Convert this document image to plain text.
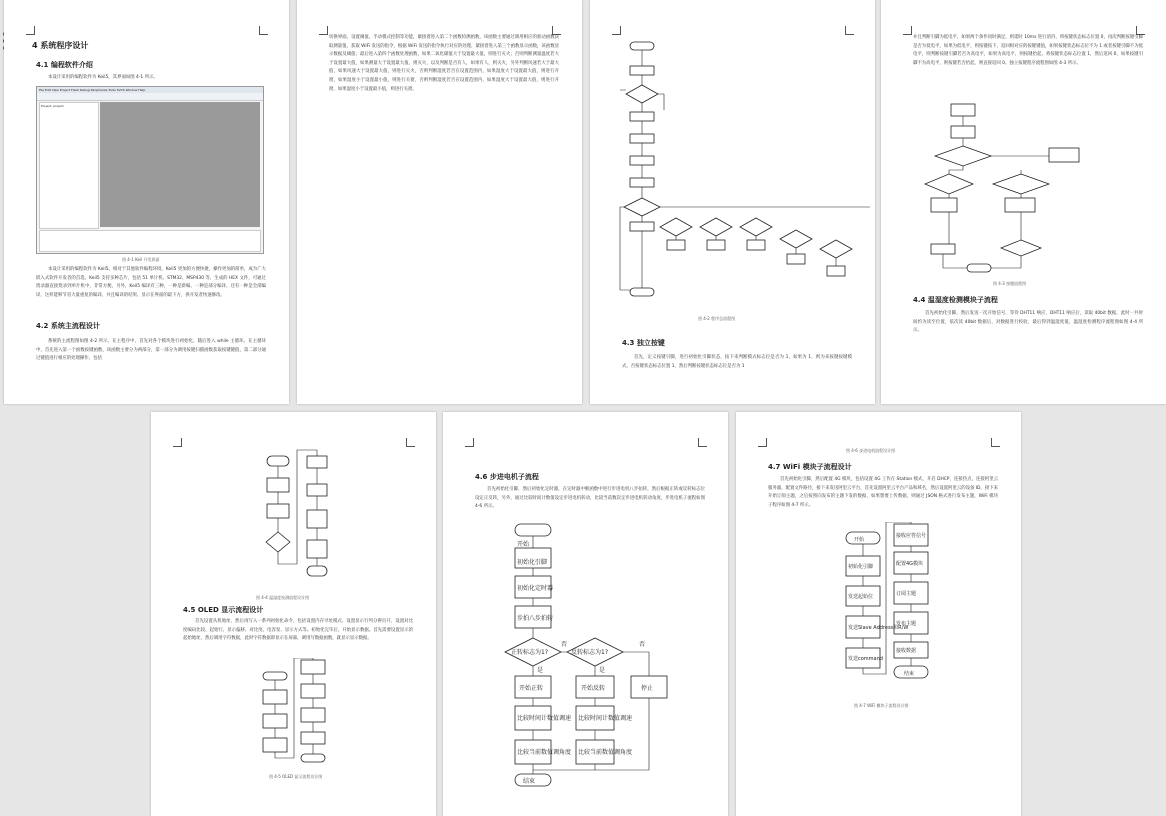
4 系统程序设计
4.1 编程软件介绍
本设计采用的编程软件为 Keil5，其界面如图 4-1 所示。
File Edit View Project Flash Debug Peripherals Tools SVCS Window Help
Project: project
图 4-1 Keil 开发界面
本设计采用的编程软件为 Keil5。相对于其他软件编程环境，Keil5 更加的方便快捷，操作更加的简单，成为广大嵌入式软件开发者的首选。Keil5 支持多种芯片，包括 51 单片机、STM32、MSP430 等，生成的 HEX 文件，可通过烧录器直接烧录到单片机中，非常方便。另外，Keil5 编译有三种，一种是新编、一种是部分编译、还有一种是全部编译，这样能够节省大量重复的编译，并且编译的结果、显示在界面的最下方，供开发者快速修改。
4.2 系统主流程设计
系统的主流程图如图 4-2 所示。在主程序中，首先对各个模块进行初始化，随后进入 while 主循环。在主循环中，首先进入第一个函数按键函数，该函数主要分为两部分，第一部分为调用按键扫描函数获取按键键值，第二部分通过键值进行相应的处理操作，包括
切换界面、设置阈值、手动模式控制等功能，紧接着进入第二个函数检测函数，该函数主要通过调用相应的驱动函数获取测量值，获取 WiFi 发送的指令，根据 WiFi 发送的指令执行对应的处理，紧接着进入第三个函数显示函数，该函数显示数据及阈值；最后进入第四个函数处理函数，如果二氧化碳值大于设置最大值，则进行灭火；否则判断测量温度若大于设置最大值，如果测量大于设置最大值，则灭火，以及判断是否有人，如果有人，则灭火，另外判断风速若大于最大值，如果风速大于设置最大值，则进行灭火，否则判断湿度若否在设置范围内，如果湿度大于设置最大值，则进行开窗，如果湿度小于设置最小值，则进行关窗，否则判断湿度若否在设置范围内，如果湿度大于设置最大值，则进行开窗，如果湿度小于设置最小值，则进行关窗。
图 4-2 程序总流程图
4.3 独立按键
首先，定义按键引脚，进行初始化引脚状态，按下来判断模式标志位是否为 1，如果为 1，则为来按键按键模式，否按键状态标志位置 1，然后判断按键状态标志位是否为 1
并且判断引脚为低电平，如果两个条件同时满足，则延时 10ms 进行消抖，将按键状态标志位置 0，再次判断按键引脚是否为低电平，如果为低电平，则按键按下，返回相对应的按键键值，如果按键状态标志位不为 1 或者按键引脚不为低电平，则判断按键引脚若否为高电平，如果为高电平，则按键抬起，将按键状态标志位置 1，然后返回 0，如果按键引脚不为高电平，则按键若否抬起，则直接返回 0。独立按键程序流程图如图 4-3 所示。
图 4-3 按键流程图
4.4 温湿度检测模块子流程
首先初始化引脚，然后发送一次开始信号，等待 DHT11 响应，DHT11 响应后，读取 40bit 数据，此时一共时间约为读至位置，依次读 40bit 数据后，对数据进行校验，最后得到温湿度值，温湿度检测程序流程图如图 4-4 所示。
图 4-4 温湿度检测流程设计图
4.5 OLED 显示流程设计
首先设置从机地址，然后再写入一系列初始化命令，包括设置内存寻址模式、设置显示行列分辨页开，设置对比度编码比较、起始行、显示偏移、对比度、电容泵、显示方式等。初始化完毕后，开始显示数据。首先需要设置显示的起始地址，然后调用字符数据，此时字符数据即显示在屏幕，调用写数据函数，就显示显示数据。
图 4-5 OLED 显示流程设计图
4.6 步进电机子流程
首先初始化引脚，然后初始化定时器，在定时器中断函数中进行步进电机八步拍转，然后根据正转或反转标志位设定正反转，另外，通过比较时间计数值设定步进电机转动，比较当前数次定步进电机转动角度，步进电机子流程如图 4-6 所示。
开始
初始化引脚
初始化定时器
步拍八步拍转
正转标志为1?	反转标志为1?
否	否
是	是
开始正转	开始反转	停止
比较时间计数值调速 比较时间计数值调速
比较当前数值调角度 比较当前数值调角度
结束
图 4-6 步进电机流程设计图
4.7 WiFi 模块子流程设计
首先初始化引脚，然后配置 4G 模块，包括设置 4G 工作在 Station 模式，开启 DHCP，连接热点，连接阿里云服务器，配置文件路径，接下来发送阿里云平台，首先设置阿里云平台产品和域名，然后设置阿里云的设备 ID，接下来开始订阅主题，之后按照向发布的主题下发的数据，如果想要上传数据，则通过 JSON 格式进行发布主题，WiFi 模块子程序如图 4-7 所示。
开始
初始化引脚
发送起始位
发送Slave Address和R/W
发送command
接收应答信号
配置4G模块
订阅主题
发布主题
接收数据
结束
图 4-7 WiFi 模块子流程设计图
